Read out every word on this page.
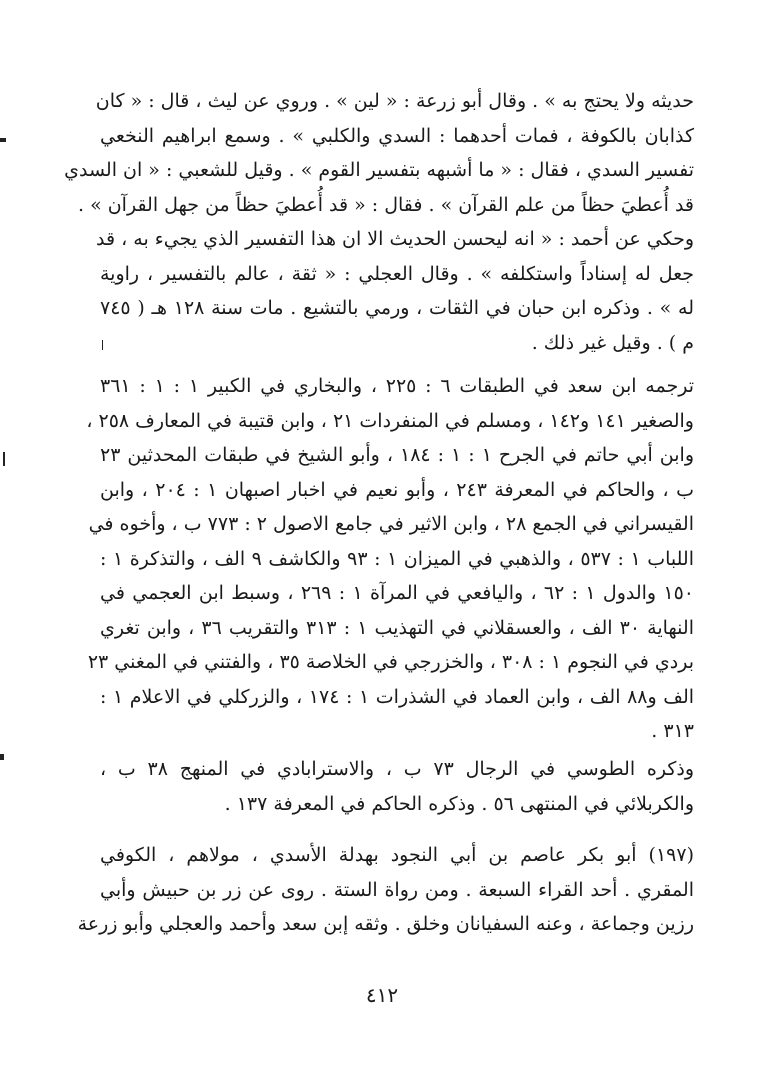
حديثه ولا يحتج به » . وقال أبو زرعة : « لين » . وروي عن ليث ، قال : « كان
كذابان بالكوفة ، فمات أحدهما : السدي والكلبي » . وسمع ابراهيم النخعي
تفسير السدي ، فقال : « ما أشبهه بتفسير القوم » . وقيل للشعبي : « ان السدي
قد أُعطيَ حظاً من علم القرآن » . فقال : « قد أُعطيَ حظاً من جهل القرآن » .
وحكي عن أحمد : « انه ليحسن الحديث الا ان هذا التفسير الذي يجيء به ، قد
جعل له إسناداً واستكلفه » . وقال العجلي : « ثقة ، عالم بالتفسير ، راوية
له » . وذكره ابن حبان في الثقات ، ورمي بالتشيع . مات سنة ١٢٨ هـ ( ٧٤٥
م ) . وقيل غير ذلك .
ترجمه ابن سعد في الطبقات ٦ : ٢٢٥ ، والبخاري في الكبير ١ : ١ : ٣٦١
والصغير ١٤١ و١٤٢ ، ومسلم في المنفردات ٢١ ، وابن قتيبة في المعارف ٢٥٨ ،
وابن أبي حاتم في الجرح ١ : ١ : ١٨٤ ، وأبو الشيخ في طبقات المحدثين ٢٣
ب ، والحاكم في المعرفة ٢٤٣ ، وأبو نعيم في اخبار اصبهان ١ : ٢٠٤ ، وابن
القيسراني في الجمع ٢٨ ، وابن الاثير في جامع الاصول ٢ : ٧٧٣ ب ، وأخوه في
اللباب ١ : ٥٣٧ ، والذهبي في الميزان ١ : ٩٣ والكاشف ٩ الف ، والتذكرة ١ :
١٥٠ والدول ١ : ٦٢ ، واليافعي في المرآة ١ : ٢٦٩ ، وسبط ابن العجمي في
النهاية ٣٠ الف ، والعسقلاني في التهذيب ١ : ٣١٣ والتقريب ٣٦ ، وابن تغري
بردي في النجوم ١ : ٣٠٨ ، والخزرجي في الخلاصة ٣٥ ، والفتني في المغني ٢٣
الف و٨٨ الف ، وابن العماد في الشذرات ١ : ١٧٤ ، والزركلي في الاعلام ١ :
٣١٣ .
وذكره الطوسي في الرجال ٧٣ ب ، والاسترابادي في المنهج ٣٨ ب ،
والكربلائي في المنتهى ٥٦ . وذكره الحاكم في المعرفة ١٣٧ .
(١٩٧) أبو بكر عاصم بن أبي النجود بهدلة الأسدي ، مولاهم ، الكوفي
المقري . أحد القراء السبعة . ومن رواة الستة . روى عن زر بن حبيش وأبي
رزين وجماعة ، وعنه السفيانان وخلق . وثقه إبن سعد وأحمد والعجلي وأبو زرعة
٤١٢
